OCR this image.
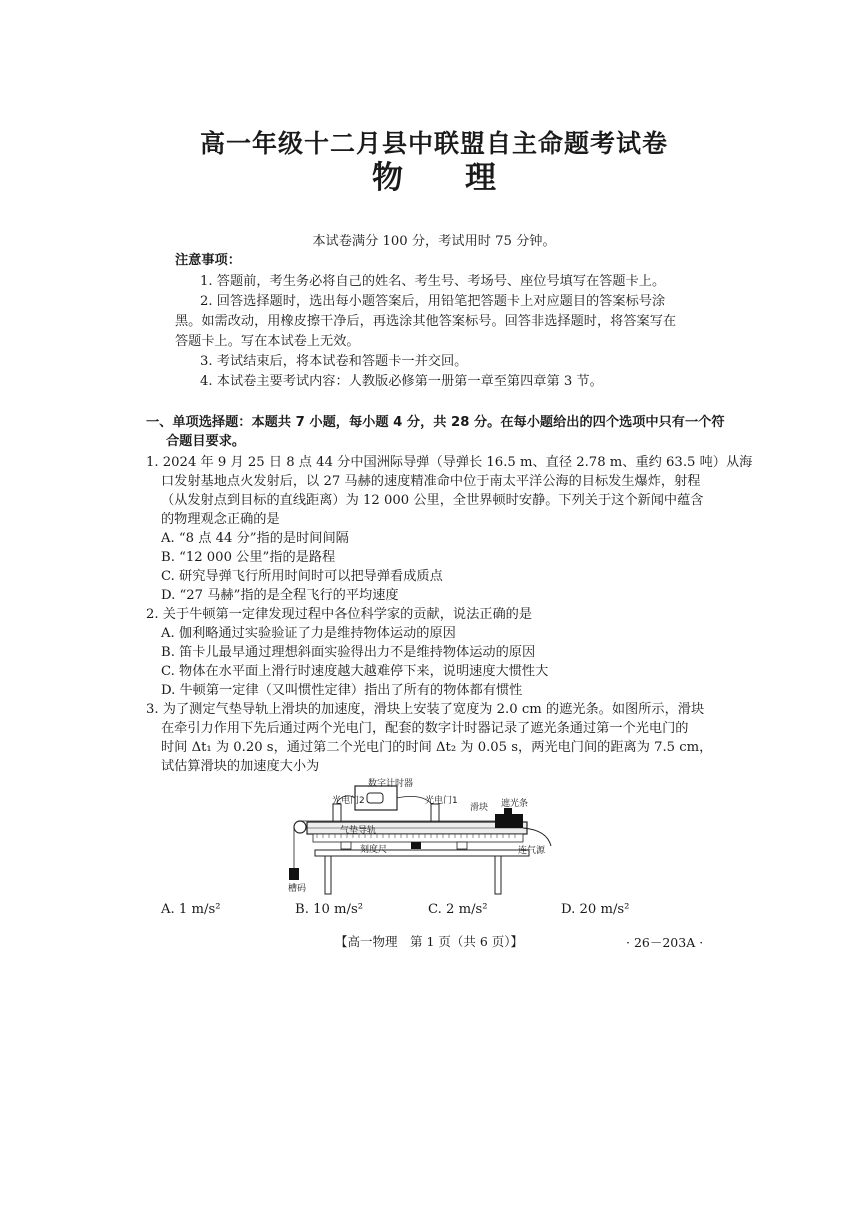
高一年级十二月县中联盟自主命题考试卷
物　　理
本试卷满分 100 分，考试用时 75 分钟。
注意事项：
1. 答题前，考生务必将自己的姓名、考生号、考场号、座位号填写在答题卡上。
2. 回答选择题时，选出每小题答案后，用铅笔把答题卡上对应题目的答案标号涂
黑。如需改动，用橡皮擦干净后，再选涂其他答案标号。回答非选择题时，将答案写在
答题卡上。写在本试卷上无效。
3. 考试结束后，将本试卷和答题卡一并交回。
4. 本试卷主要考试内容：人教版必修第一册第一章至第四章第 3 节。
一、单项选择题：本题共 7 小题，每小题 4 分，共 28 分。在每小题给出的四个选项中只有一个符
合题目要求。
1. 2024 年 9 月 25 日 8 点 44 分中国洲际导弹（导弹长 16.5 m、直径 2.78 m、重约 63.5 吨）从海
口发射基地点火发射后，以 27 马赫的速度精准命中位于南太平洋公海的目标发生爆炸，射程
（从发射点到目标的直线距离）为 12 000 公里，全世界顿时安静。下列关于这个新闻中蕴含
的物理观念正确的是
A. “8 点 44 分”指的是时间间隔
B. “12 000 公里”指的是路程
C. 研究导弹飞行所用时间时可以把导弹看成质点
D. “27 马赫”指的是全程飞行的平均速度
2. 关于牛顿第一定律发现过程中各位科学家的贡献，说法正确的是
A. 伽利略通过实验验证了力是维持物体运动的原因
B. 笛卡儿最早通过理想斜面实验得出力不是维持物体运动的原因
C. 物体在水平面上滑行时速度越大越难停下来，说明速度大惯性大
D. 牛顿第一定律（又叫惯性定律）指出了所有的物体都有惯性
3. 为了测定气垫导轨上滑块的加速度，滑块上安装了宽度为 2.0 cm 的遮光条。如图所示，滑块
在牵引力作用下先后通过两个光电门，配套的数字计时器记录了遮光条通过第一个光电门的
时间 Δt₁ 为 0.20 s，通过第二个光电门的时间 Δt₂ 为 0.05 s，两光电门间的距离为 7.5 cm，
试估算滑块的加速度大小为
数字计时器
光电门2	光电门1
滑块 遮光条
气垫导轨
刻度尺	连气源
槽码
A. 1 m/s²	B. 10 m/s²	C. 2 m/s²	D. 20 m/s²
【高一物理　第 1 页（共 6 页）】	· 26－203A ·
